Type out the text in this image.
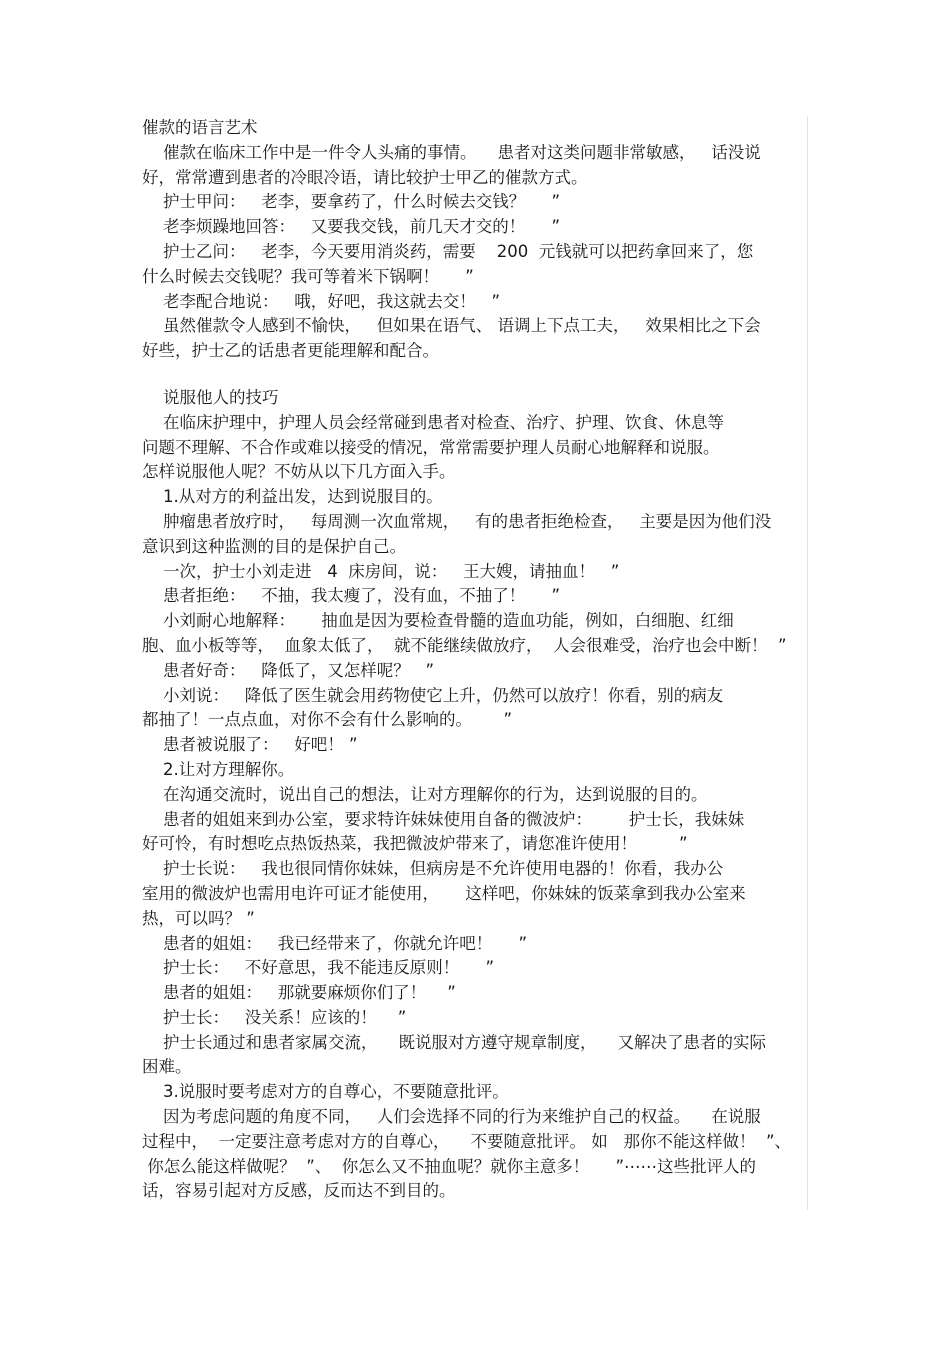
催款的语言艺术
催款在临床工作中是一件令人头痛的事情。    患者对这类问题非常敏感，   话没说
好，常常遭到患者的冷眼冷语，请比较护士甲乙的催款方式。
护士甲问：   老李，要拿药了，什么时候去交钱？     ”
老李烦躁地回答：   又要我交钱，前几天才交的！     ”
护士乙问：   老李，今天要用消炎药，需要    200  元钱就可以把药拿回来了，您
什么时候去交钱呢？我可等着米下锅啊！     ”
老李配合地说：   哦，好吧，我这就去交！   ”
虽然催款令人感到不愉快，   但如果在语气、 语调上下点工夫，   效果相比之下会
好些，护士乙的话患者更能理解和配合。
说服他人的技巧
在临床护理中，护理人员会经常碰到患者对检查、治疗、护理、饮食、休息等
问题不理解、不合作或难以接受的情况，常常需要护理人员耐心地解释和说服。
怎样说服他人呢？不妨从以下几方面入手。
1.从对方的利益出发，达到说服目的。
肿瘤患者放疗时，   每周测一次血常规，   有的患者拒绝检查，   主要是因为他们没
意识到这种监测的目的是保护自己。
一次，护士小刘走进   4  床房间，说：   王大嫂，请抽血！   ”
患者拒绝：   不抽，我太瘦了，没有血，不抽了！     ”
小刘耐心地解释：     抽血是因为要检查骨髓的造血功能，例如，白细胞、红细
胞、血小板等等，  血象太低了，  就不能继续做放疗，  人会很难受，治疗也会中断！  ”
患者好奇：   降低了，又怎样呢？   ”
小刘说：   降低了医生就会用药物使它上升，仍然可以放疗！你看，别的病友
都抽了！一点点血，对你不会有什么影响的。      ”
患者被说服了：   好吧！ ”
2.让对方理解你。
在沟通交流时，说出自己的想法，让对方理解你的行为，达到说服的目的。
患者的姐姐来到办公室，要求特许妹妹使用自备的微波炉：       护士长，我妹妹
好可怜，有时想吃点热饭热菜，我把微波炉带来了，请您准许使用！        ”
护士长说：   我也很同情你妹妹，但病房是不允许使用电器的！你看，我办公
室用的微波炉也需用电许可证才能使用，     这样吧，你妹妹的饭菜拿到我办公室来
热，可以吗？ ”
患者的姐姐：   我已经带来了，你就允许吧！     ”
护士长：   不好意思，我不能违反原则！     ”
患者的姐姐：   那就要麻烦你们了！    ”
护士长：   没关系！应该的！    ”
护士长通过和患者家属交流，    既说服对方遵守规章制度，    又解决了患者的实际
困难。
3.说服时要考虑对方的自尊心，不要随意批评。
因为考虑问题的角度不同，   人们会选择不同的行为来维护自己的权益。    在说服
过程中，  一定要注意考虑对方的自尊心，    不要随意批评。 如   那你不能这样做！  ”、
你怎么能这样做呢？  ”、  你怎么又不抽血呢？就你主意多！     ”⋯⋯这些批评人的
话，容易引起对方反感，反而达不到目的。
